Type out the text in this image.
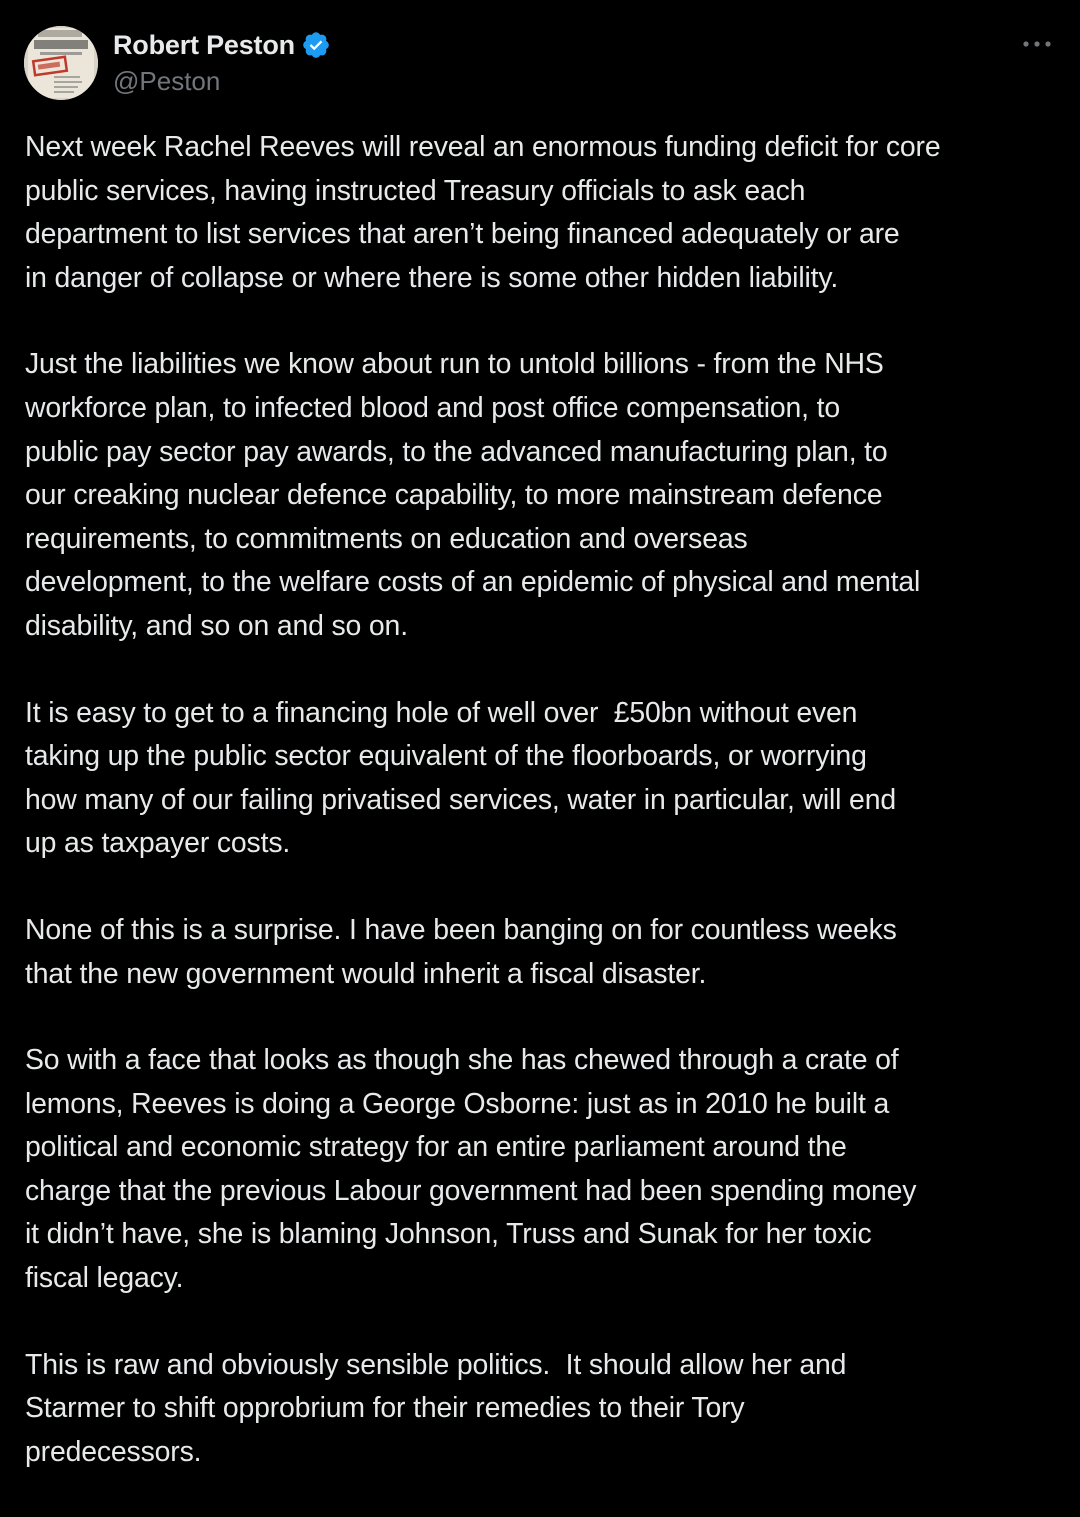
Robert Peston
@Peston

Next week Rachel Reeves will reveal an enormous funding deficit for core
public services, having instructed Treasury officials to ask each
department to list services that aren’t being financed adequately or are
in danger of collapse or where there is some other hidden liability.

Just the liabilities we know about run to untold billions - from the NHS
workforce plan, to infected blood and post office compensation, to
public pay sector pay awards, to the advanced manufacturing plan, to
our creaking nuclear defence capability, to more mainstream defence
requirements, to commitments on education and overseas
development, to the welfare costs of an epidemic of physical and mental
disability, and so on and so on.

It is easy to get to a financing hole of well over  £50bn without even
taking up the public sector equivalent of the floorboards, or worrying
how many of our failing privatised services, water in particular, will end
up as taxpayer costs.

None of this is a surprise. I have been banging on for countless weeks
that the new government would inherit a fiscal disaster.

So with a face that looks as though she has chewed through a crate of
lemons, Reeves is doing a George Osborne: just as in 2010 he built a
political and economic strategy for an entire parliament around the
charge that the previous Labour government had been spending money
it didn’t have, she is blaming Johnson, Truss and Sunak for her toxic
fiscal legacy.

This is raw and obviously sensible politics.  It should allow her and
Starmer to shift opprobrium for their remedies to their Tory
predecessors.
